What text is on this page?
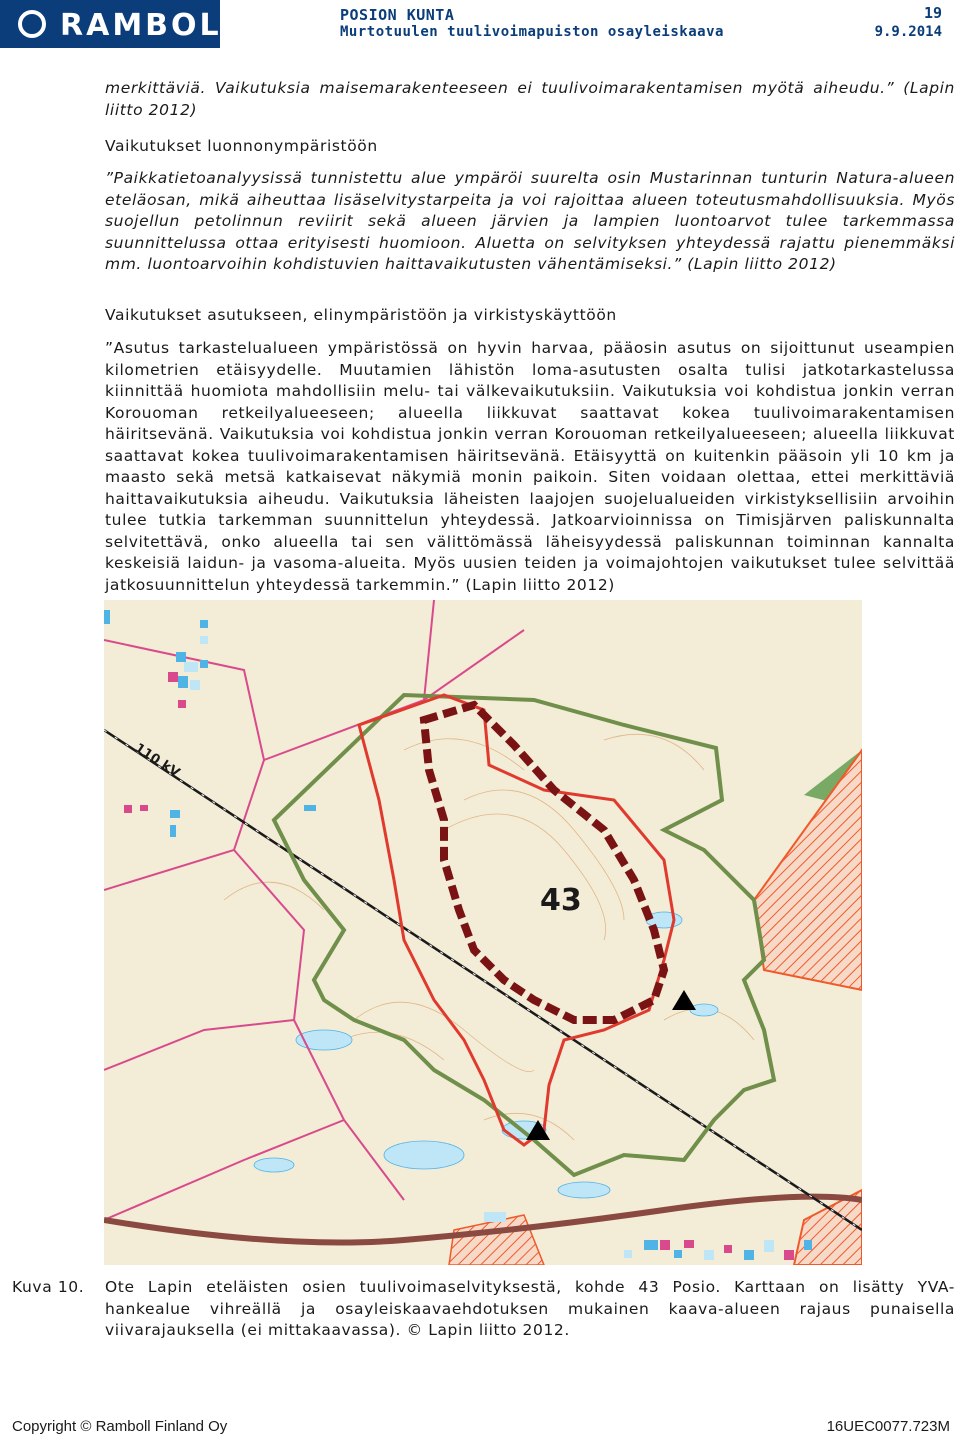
RAMBOLL	POSION KUNTA
Murtotuulen tuulivoimapuiston osayleiskaava
19
9.9.2014
merkittäviä. Vaikutuksia maisemarakenteeseen ei tuulivoimarakentamisen myötä aiheudu.” (Lapin liitto 2012)
Vaikutukset luonnonympäristöön
”Paikkatietoanalyysissä tunnistettu alue ympäröi suurelta osin Mustarinnan tunturin Natura-alueen eteläosan, mikä aiheuttaa lisäselvitystarpeita ja voi rajoittaa alueen toteutusmahdollisuuksia. Myös suojellun petolinnun reviirit sekä alueen järvien ja lampien luontoarvot tulee tarkemmassa suunnittelussa ottaa erityisesti huomioon. Aluetta on selvityksen yhteydessä rajattu pienemmäksi mm. luontoarvoihin kohdistuvien haittavaikutusten vähentämiseksi.” (Lapin liitto 2012)
Vaikutukset asutukseen, elinympäristöön ja virkistyskäyttöön
”Asutus tarkastelualueen ympäristössä on hyvin harvaa, pääosin asutus on sijoittunut useampien kilometrien etäisyydelle. Muutamien lähistön loma-asutusten osalta tulisi jatkotarkastelussa kiinnittää huomiota mahdollisiin melu- tai välkevaikutuksiin. Vaikutuksia voi kohdistua jonkin verran Korouoman retkeilyalueeseen; alueella liikkuvat saattavat kokea tuulivoimarakentamisen häiritsevänä. Vaikutuksia voi kohdistua jonkin verran Korouoman retkeilyalueeseen; alueella liikkuvat saattavat kokea tuulivoimarakentamisen häiritsevänä. Etäisyyttä on kuitenkin pääsoin yli 10 km ja maasto sekä metsä katkaisevat näkymiä monin paikoin. Siten voidaan olettaa, ettei merkittäviä haittavaikutuksia aiheudu. Vaikutuksia läheisten laajojen suojelualueiden virkistyksellisiin arvoihin tulee tutkia tarkemman suunnittelun yhteydessä. Jatkoarvioinnissa on Timisjärven paliskunnalta selvitettävä, onko alueella tai sen välittömässä läheisyydessä paliskunnan toiminnan kannalta keskeisiä laidun- ja vasoma-alueita. Myös uusien teiden ja voimajohtojen vaikutukset tulee selvittää jatkosuunnittelun yhteydessä tarkemmin.” (Lapin liitto 2012)
110 kV
43
Kuva 10. Ote Lapin eteläisten osien tuulivoimaselvityksestä, kohde 43 Posio. Karttaan on lisätty YVA-hankealue vihreällä ja osayleiskaavaehdotuksen mukainen kaava-alueen rajaus punaisella viivarajauksella (ei mittakaavassa). © Lapin liitto 2012.
Copyright © Ramboll Finland Oy	16UEC0077.723M
